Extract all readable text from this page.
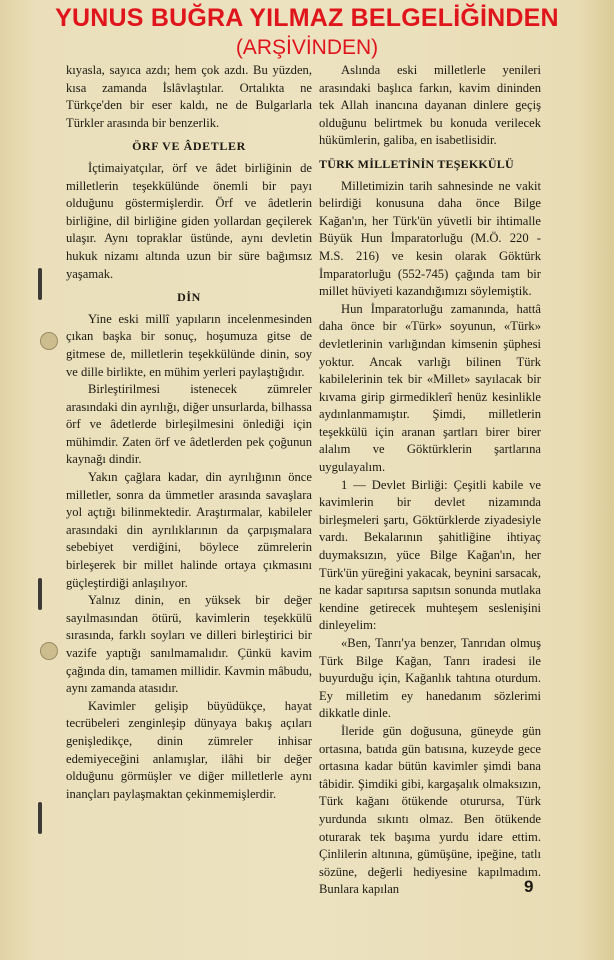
YUNUS BUĞRA YILMAZ BELGELİĞİNDEN
(ARŞİVİNDEN)

kıyasla, sayıca azdı; hem çok azdı. Bu yüzden, kısa zamanda İslâvlaştılar. Ortalıkta ne Türkçe'den bir eser kaldı, ne de Bulgarlarla Türkler arasında bir benzerlik.

ÖRF VE ÂDETLER

İçtimaiyatçılar, örf ve âdet birliğinin de milletlerin teşekkülünde önemli bir payı olduğunu göstermişlerdir. Örf ve âdetlerin birliğine, dil birliğine giden yollardan geçilerek ulaşır. Aynı topraklar üstünde, aynı devletin hukuk nizamı altında uzun bir süre bağımsız yaşamak.

DİN

Yine eski millî yapıların incelenmesinden çıkan başka bir sonuç, hoşumuza gitse de gitmese de, milletlerin teşekkülünde dinin, soy ve dille birlikte, en mühim yerleri paylaştığıdır.

Birleştirilmesi istenecek zümreler arasındaki din ayrılığı, diğer unsurlarda, bilhassa örf ve âdetlerde birleşilmesini önlediği için mühimdir. Zaten örf ve âdetlerden pek çoğunun kaynağı dindir.

Yakın çağlara kadar, din ayrılığının önce milletler, sonra da ümmetler arasında savaşlara yol açtığı bilinmektedir. Araştırmalar, kabileler arasındaki din ayrılıklarının da çarpışmalara sebebiyet verdiğini, böylece zümrelerin birleşerek bir millet halinde ortaya çıkmasını güçleştirdiği anlaşılıyor.

Yalnız dinin, en yüksek bir değer sayılmasından ötürü, kavimlerin teşekkülü sırasında, farklı soyları ve dilleri birleştirici bir vazife yaptığı sanılmamalıdır. Çünkü kavim çağında din, tamamen millidir. Kavmin mâbudu, aynı zamanda atasıdır.

Kavimler gelişip büyüdükçe, hayat tecrübeleri zenginleşip dünyaya bakış açıları genişledikçe, dinin zümreler inhisar edemiyeceğini anlamışlar, ilâhi bir değer olduğunu görmüşler ve diğer milletlerle aynı inançları paylaşmaktan çekinmemişlerdir.

Aslında eski milletlerle yenileri arasındaki başlıca farkın, kavim dininden tek Allah inancına dayanan dinlere geçiş olduğunu belirtmek bu konuda verilecek hükümlerin, galiba, en isabetlisidir.

TÜRK MİLLETİNİN TEŞEKKÜLÜ

Milletimizin tarih sahnesinde ne vakit belirdiği konusuna daha önce Bilge Kağan'ın, her Türk'ün yüvetli bir ihtimalle Büyük Hun İmparatorluğu (M.Ö. 220 - M.S. 216) ve kesin olarak Göktürk İmparatorluğu (552-745) çağında tam bir millet hüviyeti kazandığımızı söylemiştik.

Hun İmparatorluğu zamanında, hattâ daha önce bir «Türk» soyunun, «Türk» devletlerinin varlığından kimsenin şüphesi yoktur. Ancak varlığı bilinen Türk kabilelerinin tek bir «Millet» sayılacak bir kıvama girip girmediklerî henüz kesinlikle aydınlanmamıştır. Şimdi, milletlerin teşekkülü için aranan şartları birer birer alalım ve Göktürklerin şartlarına uygulayalım.

1 — Devlet Birliği: Çeşitli kabile ve kavimlerin bir devlet nizamında birleşmeleri şartı, Göktürklerde ziyadesiyle vardı. Bekalarının şahitliğine ihtiyaç duymaksızın, yüce Bilge Kağan'ın, her Türk'ün yüreğini yakacak, beynini sarsacak, ne kadar sapıtırsa sapıtsın sonunda mutlaka kendine getirecek muhteşem seslenişini dinleyelim:

«Ben, Tanrı'ya benzer, Tanrıdan olmuş Türk Bilge Kağan, Tanrı iradesi ile buyurduğu için, Kağanlık tahtına oturdum. Ey milletim ey hanedanım sözlerimi dikkatle dinle.

İleride gün doğusuna, güneyde gün ortasına, batıda gün batısına, kuzeyde gece ortasına kadar bütün kavimler şimdi bana tâbidir. Şimdiki gibi, kargaşalık olmaksızın, Türk kağanı ötükende oturursa, Türk yurdunda sıkıntı olmaz. Ben ötükende oturarak tek başıma yurdu idare ettim. Çinlilerin altınına, gümüşüne, ipeğine, tatlı sözüne, değerli hediyesine kapılmadım. Bunlara kapılan	9
